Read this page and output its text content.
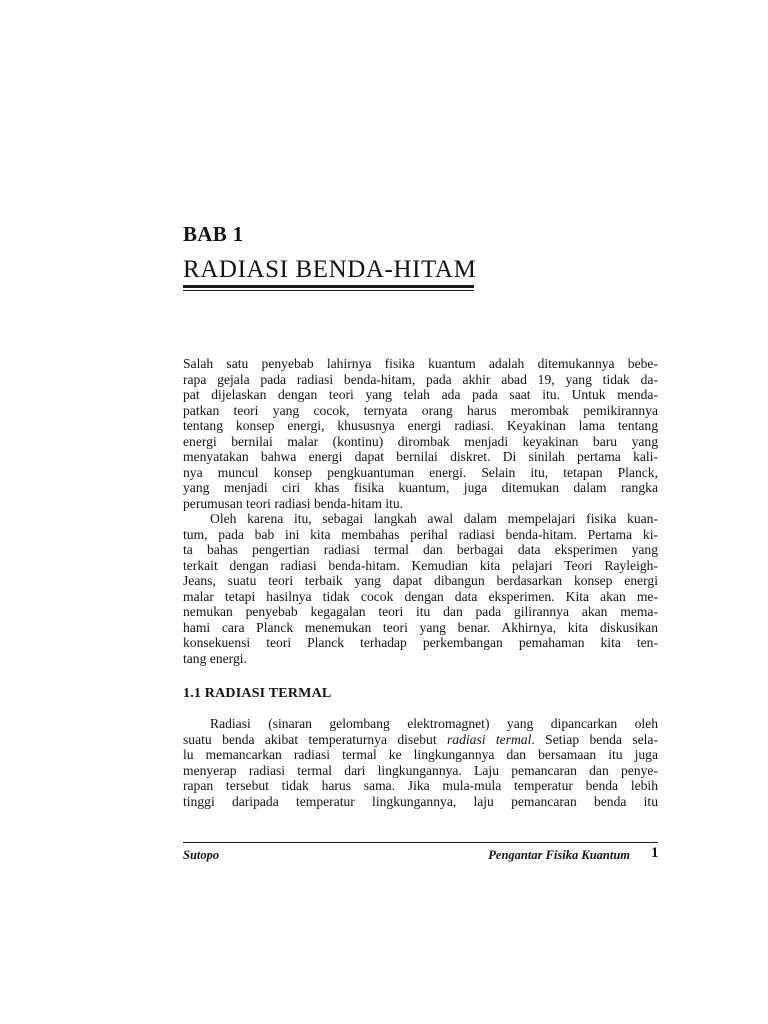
BAB 1
RADIASI BENDA-HITAM
Salah satu penyebab lahirnya fisika kuantum adalah ditemukannya bebe-
rapa gejala pada radiasi benda-hitam, pada akhir abad 19, yang tidak da-
pat dijelaskan dengan teori yang telah ada pada saat itu. Untuk menda-
patkan teori yang cocok, ternyata orang harus merombak pemikirannya
tentang konsep energi, khususnya energi radiasi. Keyakinan lama tentang
energi bernilai malar (kontinu) dirombak menjadi keyakinan baru yang
menyatakan bahwa energi dapat bernilai diskret. Di sinilah pertama kali-
nya muncul konsep pengkuantuman energi. Selain itu, tetapan Planck,
yang menjadi ciri khas fisika kuantum, juga ditemukan dalam rangka
perumusan teori radiasi benda-hitam itu.
Oleh karena itu, sebagai langkah awal dalam mempelajari fisika kuan-
tum, pada bab ini kita membahas perihal radiasi benda-hitam. Pertama ki-
ta bahas pengertian radiasi termal dan berbagai data eksperimen yang
terkait dengan radiasi benda-hitam. Kemudian kita pelajari Teori Rayleigh-
Jeans, suatu teori terbaik yang dapat dibangun berdasarkan konsep energi
malar tetapi hasilnya tidak cocok dengan data eksperimen. Kita akan me-
nemukan penyebab kegagalan teori itu dan pada gilirannya akan mema-
hami cara Planck menemukan teori yang benar. Akhirnya, kita diskusikan
konsekuensi teori Planck terhadap perkembangan pemahaman kita ten-
tang energi.
1.1 RADIASI TERMAL
Radiasi (sinaran gelombang elektromagnet) yang dipancarkan oleh
suatu benda akibat temperaturnya disebut radiasi termal. Setiap benda sela-
lu memancarkan radiasi termal ke lingkungannya dan bersamaan itu juga
menyerap radiasi termal dari lingkungannya. Laju pemancaran dan penye-
rapan tersebut tidak harus sama. Jika mula-mula temperatur benda lebih
tinggi daripada temperatur lingkungannya, laju pemancaran benda itu
Sutopo	Pengantar Fisika Kuantum 1
